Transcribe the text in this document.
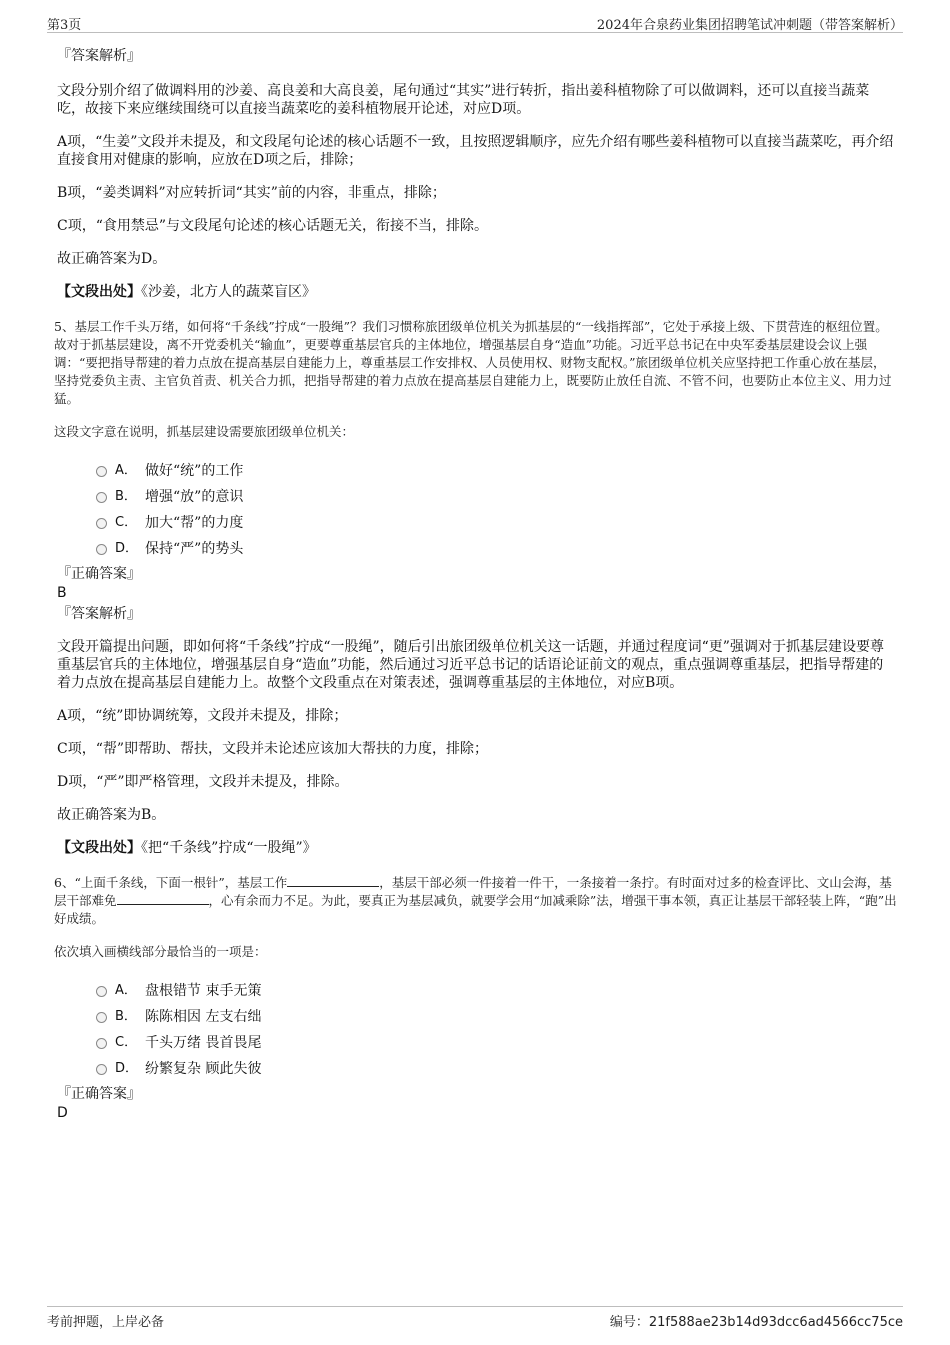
第3页	2024年合泉药业集团招聘笔试冲刺题（带答案解析）
『答案解析』

文段分别介绍了做调料用的沙姜、高良姜和大高良姜，尾句通过“其实”进行转折，指出姜科植物除了可以做调料，还可以直接当蔬菜吃，故接下来应继续围绕可以直接当蔬菜吃的姜科植物展开论述，对应D项。

A项，“生姜”文段并未提及，和文段尾句论述的核心话题不一致，且按照逻辑顺序，应先介绍有哪些姜科植物可以直接当蔬菜吃，再介绍直接食用对健康的影响，应放在D项之后，排除；

B项，“姜类调料”对应转折词“其实”前的内容，非重点，排除；

C项，“食用禁忌”与文段尾句论述的核心话题无关，衔接不当，排除。

故正确答案为D。

【文段出处】《沙姜，北方人的蔬菜盲区》

5、基层工作千头万绪，如何将“千条线”拧成“一股绳”？我们习惯称旅团级单位机关为抓基层的“一线指挥部”，它处于承接上级、下贯营连的枢纽位置。故对于抓基层建设，离不开党委机关“输血”，更要尊重基层官兵的主体地位，增强基层自身“造血”功能。习近平总书记在中央军委基层建设会议上强调：“要把指导帮建的着力点放在提高基层自建能力上，尊重基层工作安排权、人员使用权、财物支配权。”旅团级单位机关应坚持把工作重心放在基层，坚持党委负主责、主官负首责、机关合力抓，把指导帮建的着力点放在提高基层自建能力上，既要防止放任自流、不管不问，也要防止本位主义、用力过猛。

这段文字意在说明，抓基层建设需要旅团级单位机关：

A． 做好“统”的工作
B． 增强“放”的意识
C． 加大“帮”的力度
D． 保持“严”的势头
『正确答案』
B
『答案解析』

文段开篇提出问题，即如何将“千条线”拧成“一股绳”，随后引出旅团级单位机关这一话题，并通过程度词“更”强调对于抓基层建设要尊重基层官兵的主体地位，增强基层自身“造血”功能，然后通过习近平总书记的话语论证前文的观点，重点强调尊重基层，把指导帮建的着力点放在提高基层自建能力上。故整个文段重点在对策表述，强调尊重基层的主体地位，对应B项。

A项，“统”即协调统筹，文段并未提及，排除；

C项，“帮”即帮助、帮扶，文段并未论述应该加大帮扶的力度，排除；

D项，“严”即严格管理，文段并未提及，排除。

故正确答案为B。

【文段出处】《把“千条线”拧成“一股绳”》

6、“上面千条线，下面一根针”，基层工作	，基层干部必须一件接着一件干，一条接着一条拧。有时面对过多的检查评比、文山会海，基层干部难免	，心有余而力不足。为此，要真正为基层减负，就要学会用“加减乘除”法，增强干事本领，真正让基层干部轻装上阵，“跑”出好成绩。

依次填入画横线部分最恰当的一项是：

A． 盘根错节 束手无策
B． 陈陈相因 左支右绌
C． 千头万绪 畏首畏尾
D． 纷繁复杂 顾此失彼
『正确答案』
D
考前押题，上岸必备	编号：21f588ae23b14d93dcc6ad4566cc75ce
